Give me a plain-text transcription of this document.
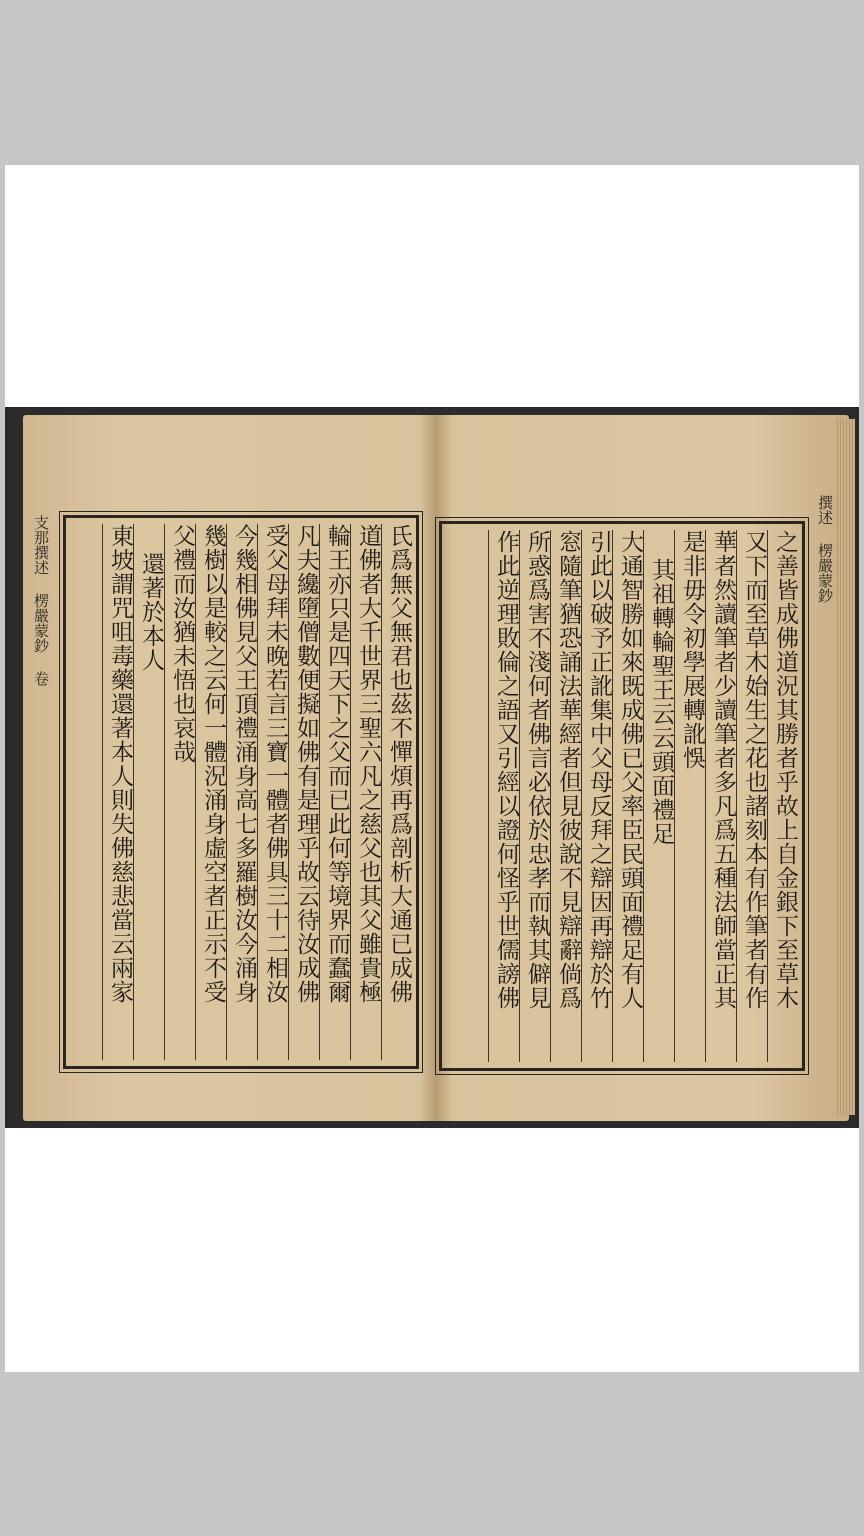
支那撰述 楞嚴蒙鈔 卷	撰述 楞嚴蒙鈔
氏爲無父無君也茲不憚煩再爲剖析大通已成佛
道佛者大千世界三聖六凡之慈父也其父雖貴極
輪王亦只是四天下之父而已此何等境界而蠢爾
凡夫纔墮僧數便擬如佛有是理乎故云待汝成佛
受父母拜未晚若言三寶一體者佛具三十二相汝
今幾相佛見父王頂禮涌身高七多羅樹汝今涌身
幾樹以是較之云何一體況涌身虛空者正示不受
父禮而汝猶未悟也哀哉
還著於本人
東坡謂咒咀毒藥還著本人則失佛慈悲當云兩家	之善皆成佛道況其勝者乎故上自金銀下至草木
又下而至草木始生之花也諸刻本有作筆者有作
華者然讀筆者少讀筆者多凡爲五種法師當正其
是非毋令初學展轉訛悞
其祖轉輪聖王云云頭面禮足
大通智勝如來既成佛已父率臣民頭面禮足有人
引此以破予正訛集中父母反拜之辯因再辯於竹
窓隨筆猶恐誦法華經者但見彼說不見辯辭倘爲
所惑爲害不淺何者佛言必依於忠孝而執其僻見
作此逆理敗倫之語又引經以證何怪乎世儒謗佛
